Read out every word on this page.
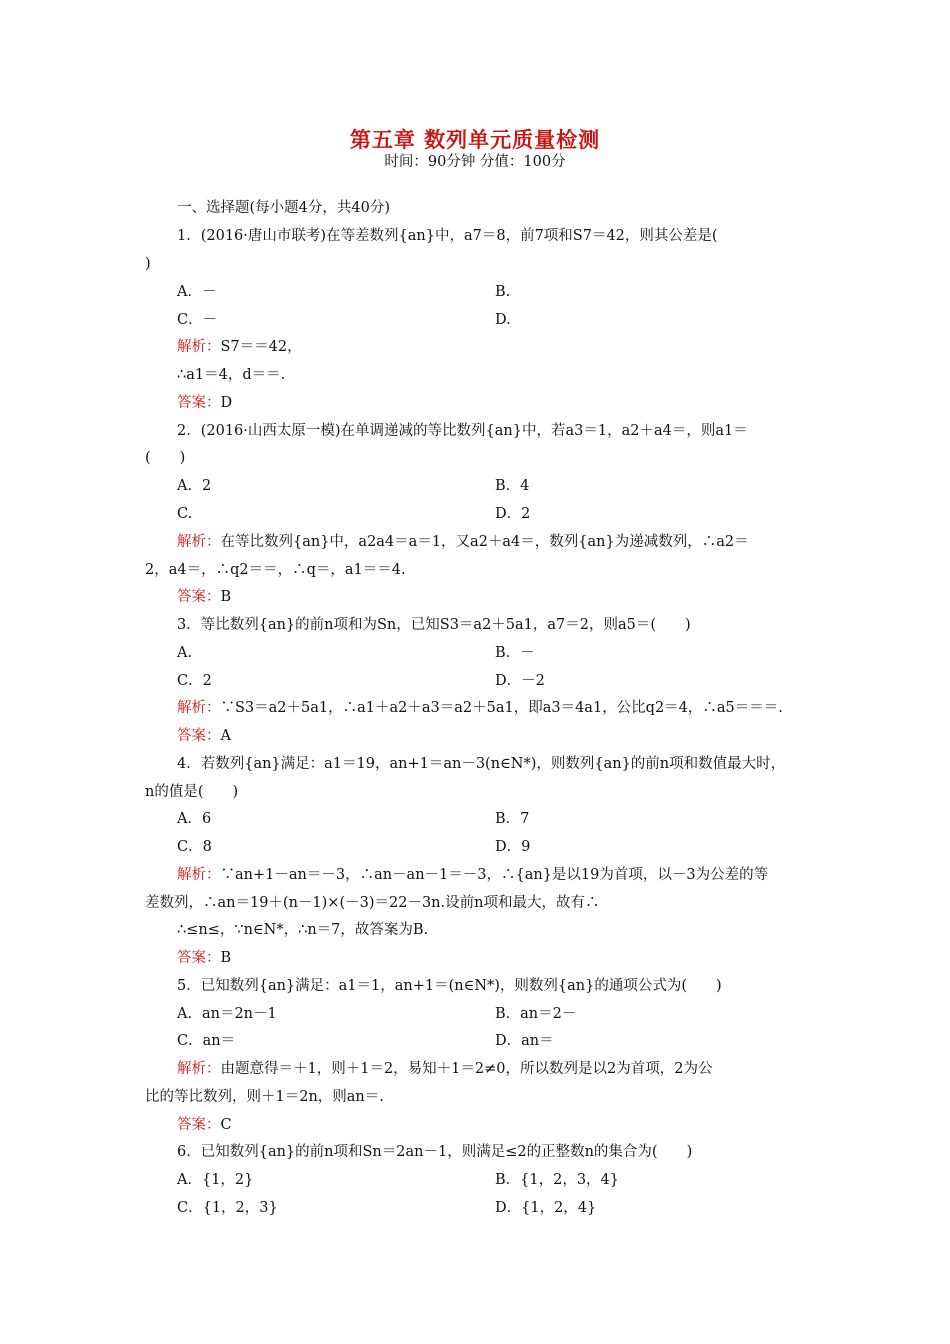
第五章 数列单元质量检测
时间：90分钟 分值：100分
一、选择题(每小题4分，共40分)
1．(2016·唐山市联考)在等差数列{an}中，a7＝8，前7项和S7＝42，则其公差是(
)
A．－	B.
C．－	D.
解析：S7＝＝42，
∴a1＝4，d＝＝.
答案：D
2．(2016·山西太原一模)在单调递减的等比数列{an}中，若a3＝1，a2＋a4＝，则a1＝
(　　)
A．2	B．4
C.	D．2
解析：在等比数列{an}中，a2a4＝a＝1，又a2＋a4＝，数列{an}为递减数列，∴a2＝
2，a4＝，∴q2＝＝，∴q＝，a1＝＝4.
答案：B
3．等比数列{an}的前n项和为Sn，已知S3＝a2＋5a1，a7＝2，则a5＝(　　)
A.	B．－
C．2	D．－2
解析：∵S3＝a2＋5a1，∴a1＋a2＋a3＝a2＋5a1，即a3＝4a1，公比q2＝4，∴a5＝＝＝.
答案：A
4．若数列{an}满足：a1＝19，an+1＝an－3(n∈N*)，则数列{an}的前n项和数值最大时，
n的值是(　　)
A．6	B．7
C．8	D．9
解析：∵an+1－an＝－3，∴an－an－1＝－3，∴{an}是以19为首项，以－3为公差的等
差数列，∴an＝19＋(n－1)×(－3)＝22－3n.设前n项和最大，故有∴
∴≤n≤，∵n∈N*，∴n＝7，故答案为B.
答案：B
5．已知数列{an}满足：a1＝1，an+1＝(n∈N*)，则数列{an}的通项公式为(　　)
A．an＝2n－1	B．an＝2－
C．an＝	D．an＝
解析：由题意得＝＋1，则＋1＝2，易知＋1＝2≠0，所以数列是以2为首项，2为公
比的等比数列，则＋1＝2n，则an＝.
答案：C
6．已知数列{an}的前n项和Sn＝2an－1，则满足≤2的正整数n的集合为(　　)
A．{1，2}	B．{1，2，3，4}
C．{1，2，3}	D．{1，2，4}
